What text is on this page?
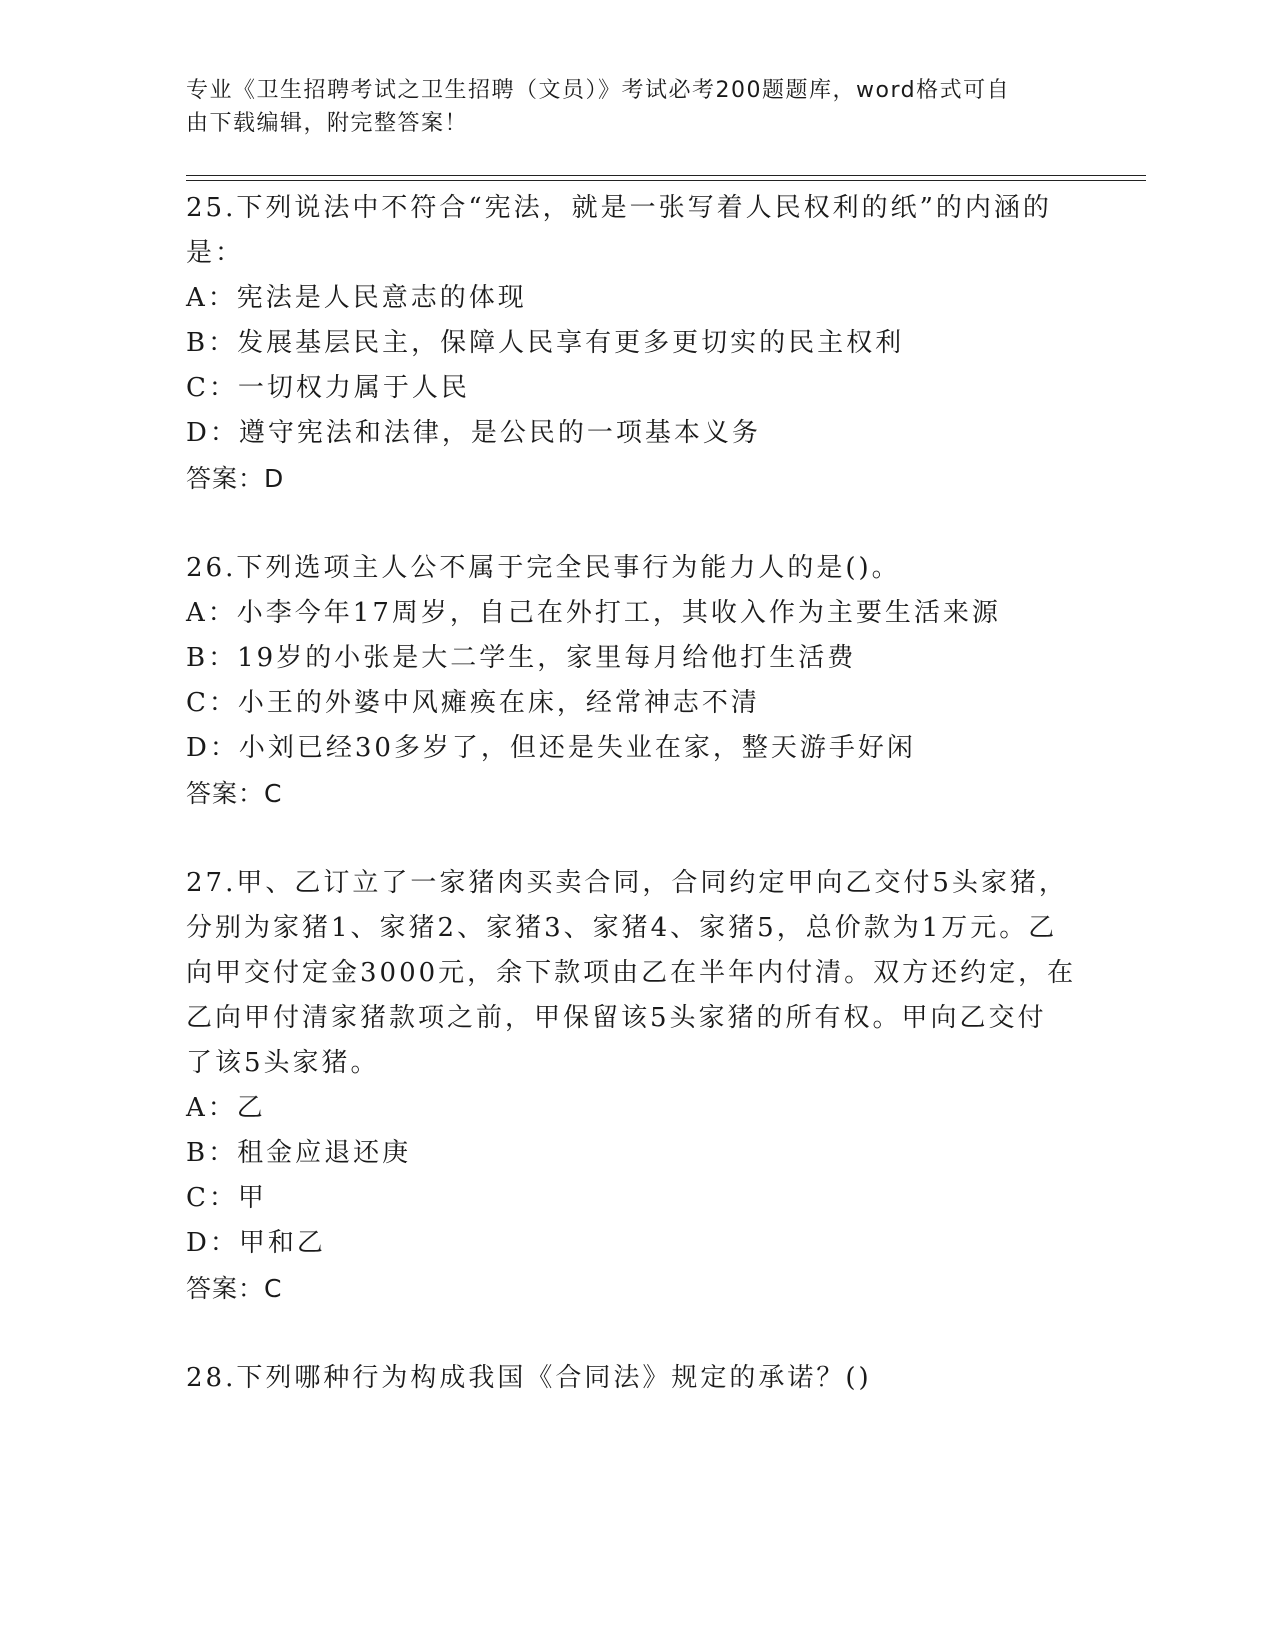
专业《卫生招聘考试之卫生招聘（文员）》考试必考200题题库，word格式可自

由下载编辑，附完整答案！

25.下列说法中不符合“宪法，就是一张写着人民权利的纸”的内涵的

是：

A：宪法是人民意志的体现

B：发展基层民主，保障人民享有更多更切实的民主权利

C：一切权力属于人民

D：遵守宪法和法律，是公民的一项基本义务

答案：D

26.下列选项主人公不属于完全民事行为能力人的是()。

A：小李今年17周岁，自己在外打工，其收入作为主要生活来源

B：19岁的小张是大二学生，家里每月给他打生活费

C：小王的外婆中风瘫痪在床，经常神志不清

D：小刘已经30多岁了，但还是失业在家，整天游手好闲

答案：C

27.甲、乙订立了一家猪肉买卖合同，合同约定甲向乙交付5头家猪，

分别为家猪1、家猪2、家猪3、家猪4、家猪5，总价款为1万元。乙

向甲交付定金3000元，余下款项由乙在半年内付清。双方还约定，在

乙向甲付清家猪款项之前，甲保留该5头家猪的所有权。甲向乙交付

了该5头家猪。

A：乙

B：租金应退还庚

C：甲

D：甲和乙

答案：C

28.下列哪种行为构成我国《合同法》规定的承诺？()
